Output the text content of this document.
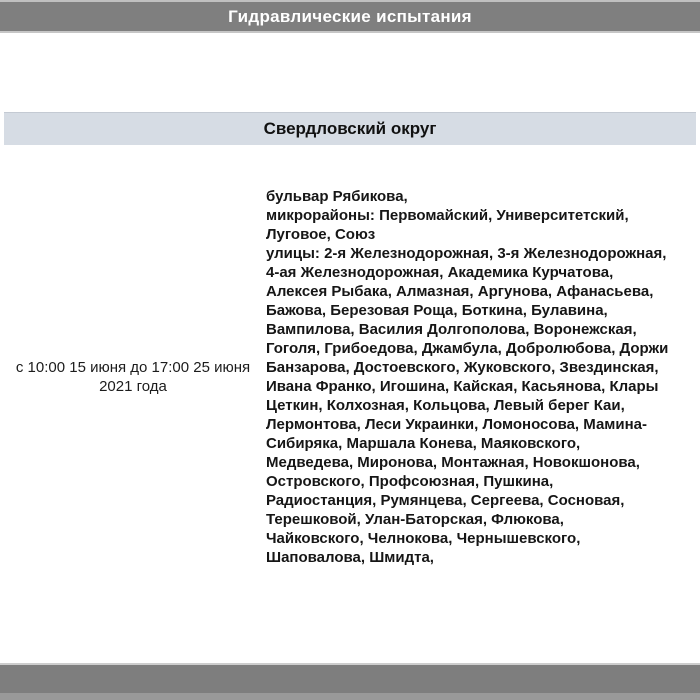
Гидравлические испытания
Свердловский округ
с 10:00 15 июня до 17:00 25 июня
2021 года
бульвар Рябикова,
микрорайоны: Первомайский, Университетский,
Луговое, Союз
улицы: 2-я Железнодорожная, 3-я Железнодорожная,
4-ая Железнодорожная, Академика Курчатова,
Алексея Рыбака, Алмазная, Аргунова, Афанасьева,
Бажова, Березовая Роща, Боткина, Булавина,
Вампилова, Василия Долгополова, Воронежская,
Гоголя, Грибоедова, Джамбула, Добролюбова, Доржи
Банзарова, Достоевского, Жуковского, Звездинская,
Ивана Франко, Игошина, Кайская, Касьянова, Клары
Цеткин, Колхозная, Кольцова, Левый берег Каи,
Лермонтова, Леси Украинки, Ломоносова, Мамина-
Сибиряка, Маршала Конева, Маяковского,
Медведева, Миронова, Монтажная, Новокшонова,
Островского, Профсоюзная, Пушкина,
Радиостанция, Румянцева, Сергеева, Сосновая,
Терешковой, Улан-Баторская, Флюкова,
Чайковского, Челнокова, Чернышевского,
Шаповалова, Шмидта,
